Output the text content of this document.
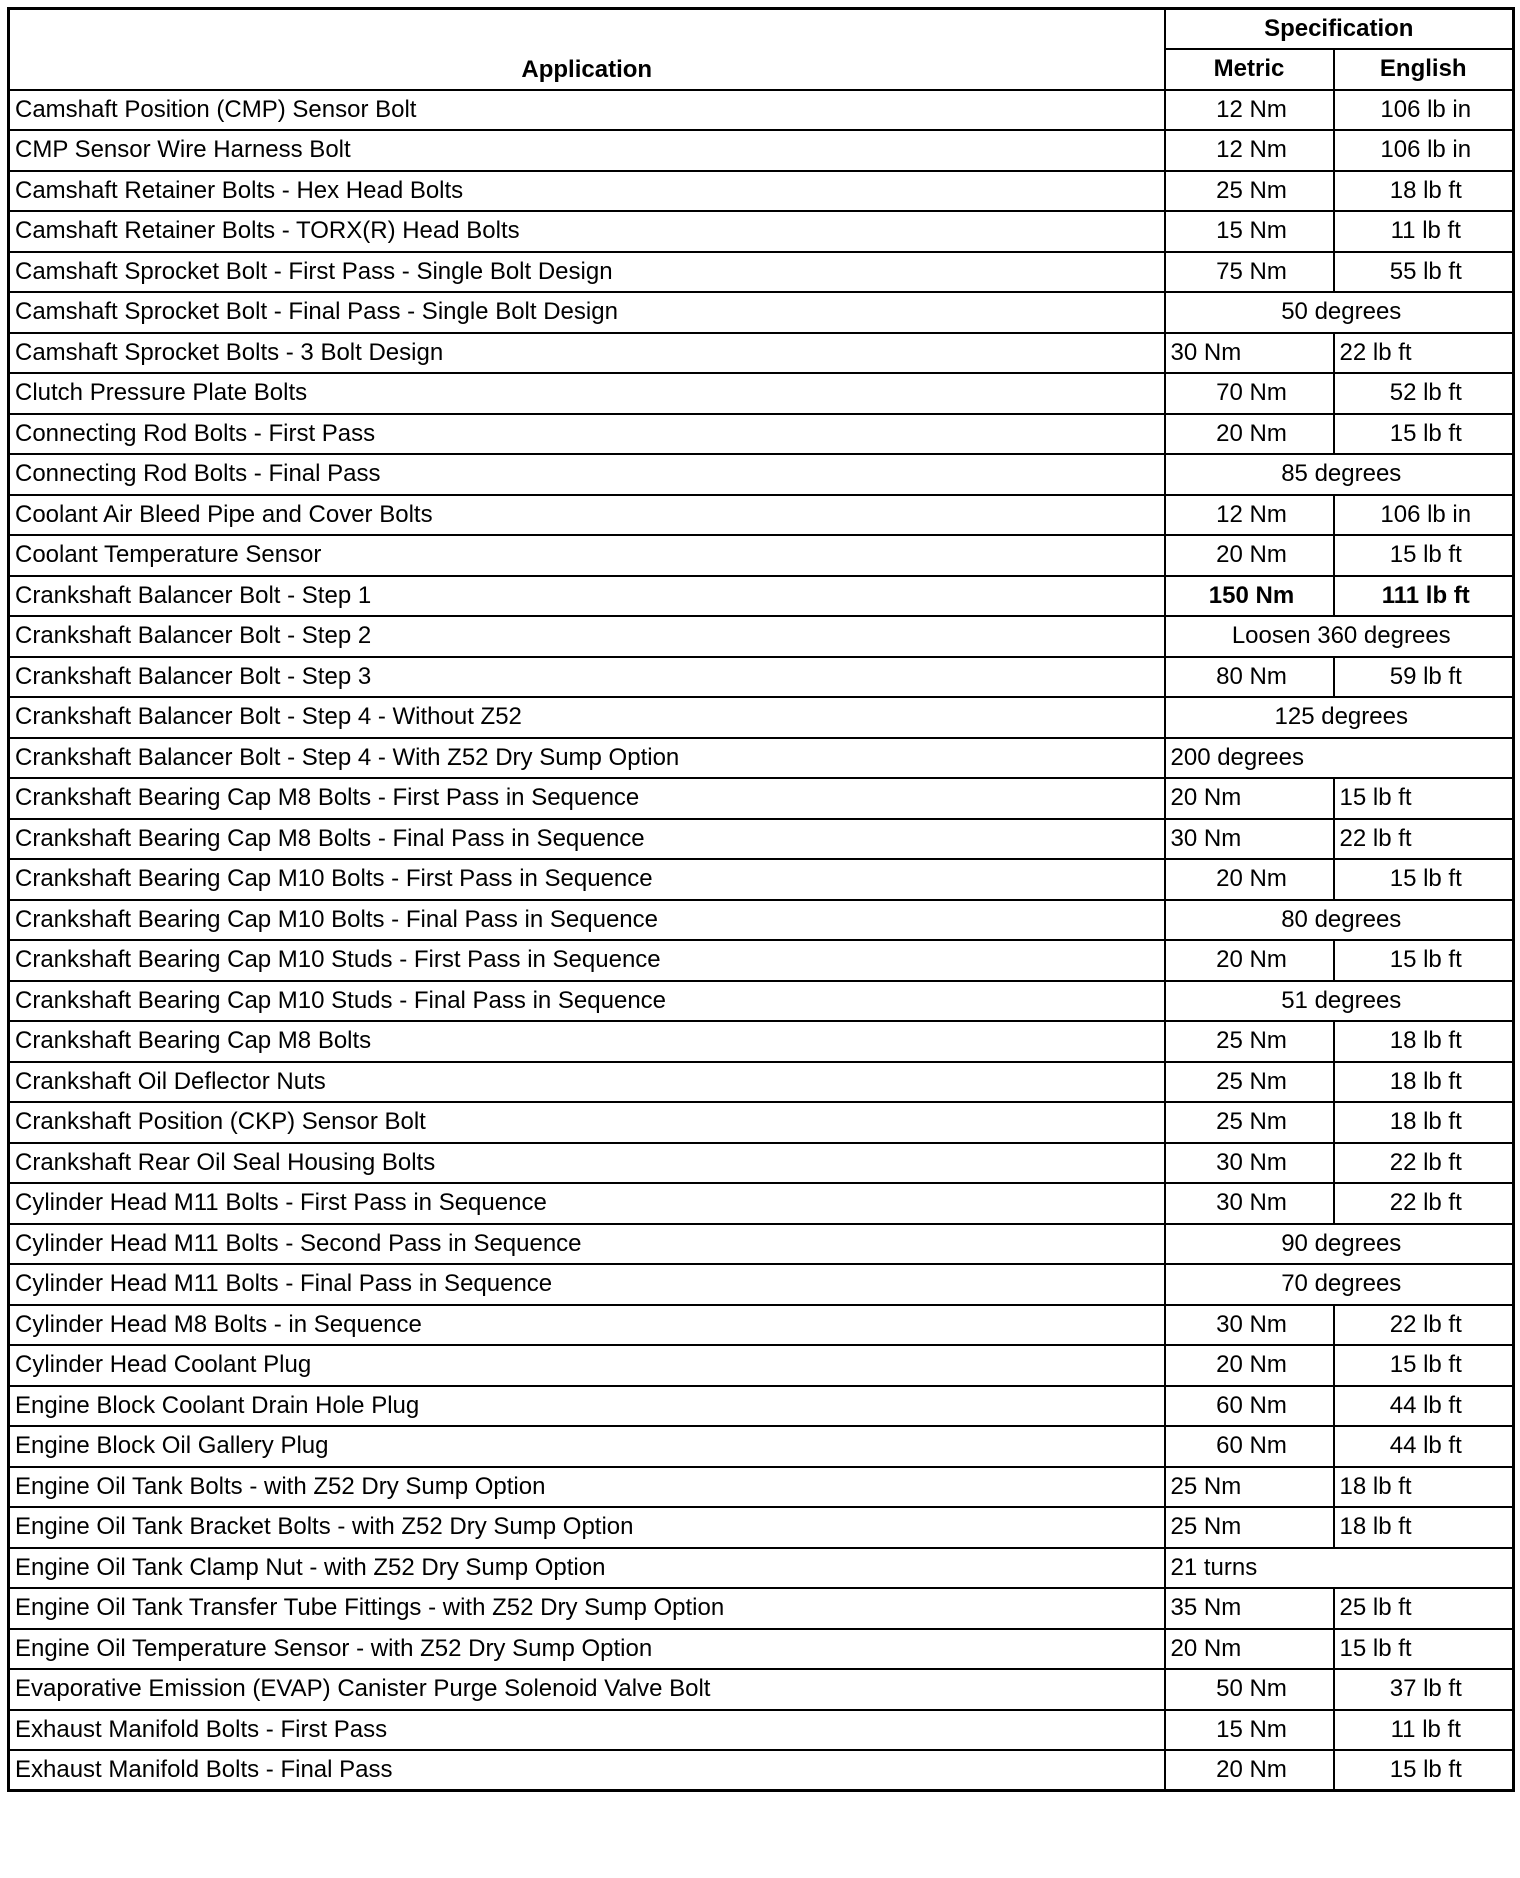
Application	Specification	
	Metric	English
Camshaft Position (CMP) Sensor Bolt	12 Nm	106 lb in
CMP Sensor Wire Harness Bolt	12 Nm	106 lb in
Camshaft Retainer Bolts - Hex Head Bolts	25 Nm	18 lb ft
Camshaft Retainer Bolts - TORX(R) Head Bolts	15 Nm	11 lb ft
Camshaft Sprocket Bolt - First Pass - Single Bolt Design	75 Nm	55 lb ft
Camshaft Sprocket Bolt - Final Pass - Single Bolt Design	50 degrees	
Camshaft Sprocket Bolts - 3 Bolt Design	30 Nm	22 lb ft
Clutch Pressure Plate Bolts	70 Nm	52 lb ft
Connecting Rod Bolts - First Pass	20 Nm	15 lb ft
Connecting Rod Bolts - Final Pass	85 degrees	
Coolant Air Bleed Pipe and Cover Bolts	12 Nm	106 lb in
Coolant Temperature Sensor	20 Nm	15 lb ft
Crankshaft Balancer Bolt - Step 1	150 Nm	111 lb ft
Crankshaft Balancer Bolt - Step 2	Loosen 360 degrees	
Crankshaft Balancer Bolt - Step 3	80 Nm	59 lb ft
Crankshaft Balancer Bolt - Step 4 - Without Z52	125 degrees	
Crankshaft Balancer Bolt - Step 4 - With Z52 Dry Sump Option	200 degrees	
Crankshaft Bearing Cap M8 Bolts - First Pass in Sequence	20 Nm	15 lb ft
Crankshaft Bearing Cap M8 Bolts - Final Pass in Sequence	30 Nm	22 lb ft
Crankshaft Bearing Cap M10 Bolts - First Pass in Sequence	20 Nm	15 lb ft
Crankshaft Bearing Cap M10 Bolts - Final Pass in Sequence	80 degrees	
Crankshaft Bearing Cap M10 Studs - First Pass in Sequence	20 Nm	15 lb ft
Crankshaft Bearing Cap M10 Studs - Final Pass in Sequence	51 degrees	
Crankshaft Bearing Cap M8 Bolts	25 Nm	18 lb ft
Crankshaft Oil Deflector Nuts	25 Nm	18 lb ft
Crankshaft Position (CKP) Sensor Bolt	25 Nm	18 lb ft
Crankshaft Rear Oil Seal Housing Bolts	30 Nm	22 lb ft
Cylinder Head M11 Bolts - First Pass in Sequence	30 Nm	22 lb ft
Cylinder Head M11 Bolts - Second Pass in Sequence	90 degrees	
Cylinder Head M11 Bolts - Final Pass in Sequence	70 degrees	
Cylinder Head M8 Bolts - in Sequence	30 Nm	22 lb ft
Cylinder Head Coolant Plug	20 Nm	15 lb ft
Engine Block Coolant Drain Hole Plug	60 Nm	44 lb ft
Engine Block Oil Gallery Plug	60 Nm	44 lb ft
Engine Oil Tank Bolts - with Z52 Dry Sump Option	25 Nm	18 lb ft
Engine Oil Tank Bracket Bolts - with Z52 Dry Sump Option	25 Nm	18 lb ft
Engine Oil Tank Clamp Nut - with Z52 Dry Sump Option	21 turns	
Engine Oil Tank Transfer Tube Fittings - with Z52 Dry Sump Option	35 Nm	25 lb ft
Engine Oil Temperature Sensor - with Z52 Dry Sump Option	20 Nm	15 lb ft
Evaporative Emission (EVAP) Canister Purge Solenoid Valve Bolt	50 Nm	37 lb ft
Exhaust Manifold Bolts - First Pass	15 Nm	11 lb ft
Exhaust Manifold Bolts - Final Pass	20 Nm	15 lb ft
